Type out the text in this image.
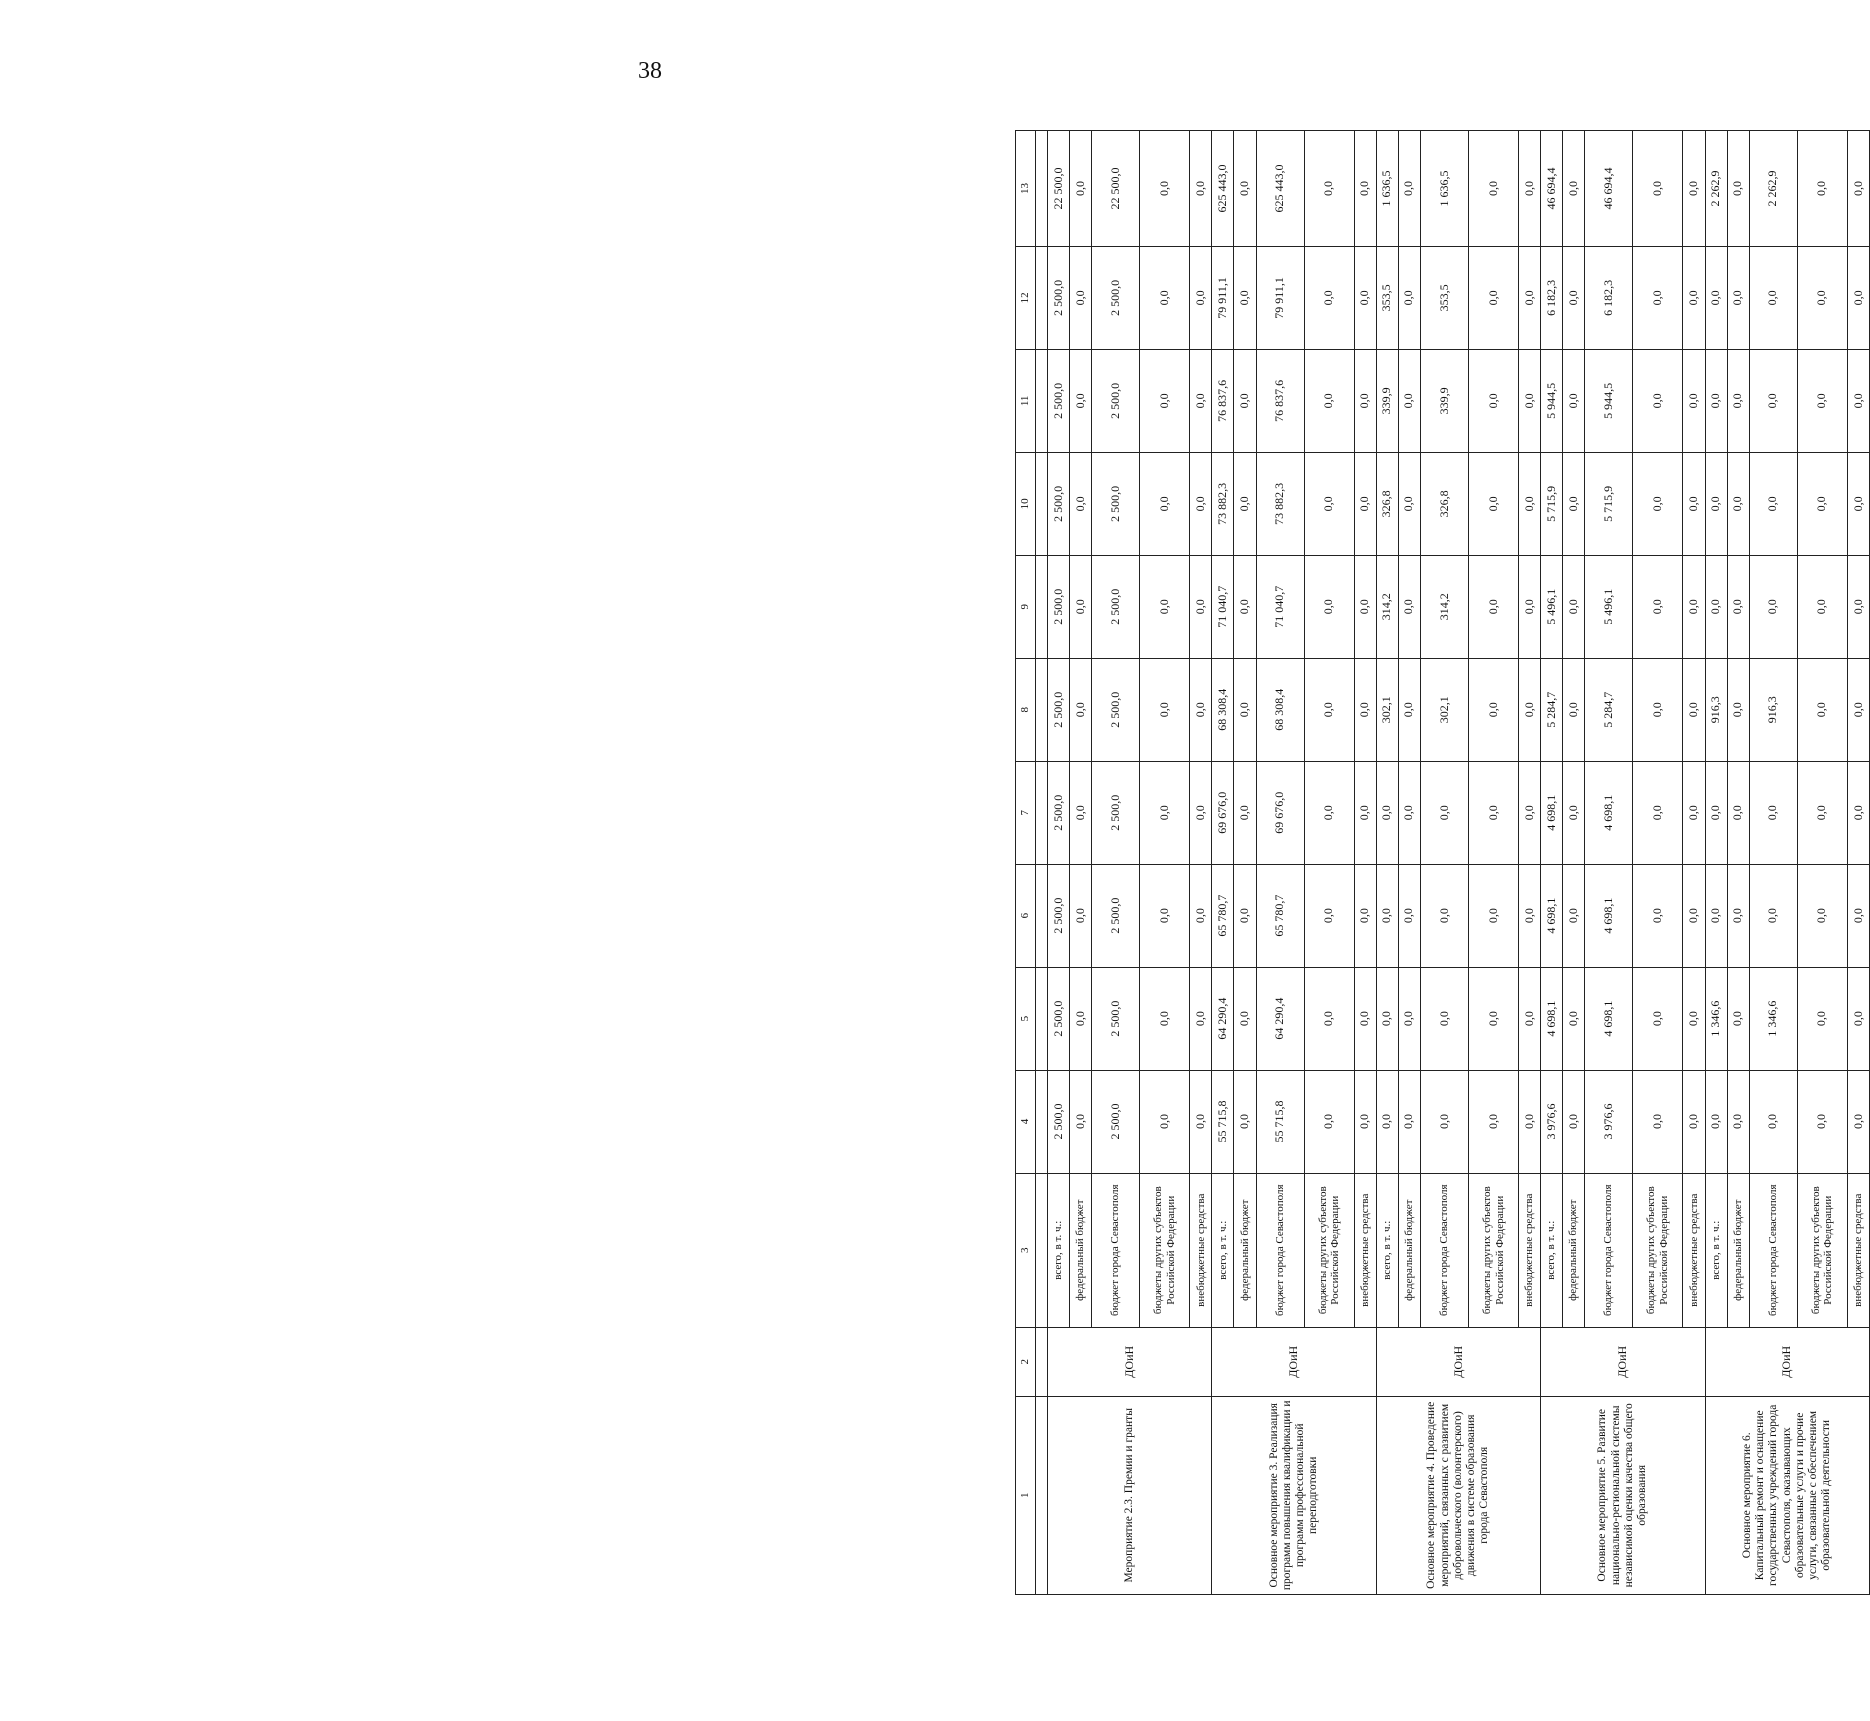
38
1	2	3	4	5	6	7	8	9	10	11	12	13

Мероприятие 2.3. Премии и гранты	ДОиН	всего, в т. ч.:	2 500,0	2 500,0	2 500,0	2 500,0	2 500,0	2 500,0	2 500,0	2 500,0	2 500,0	22 500,0
		федеральный бюджет	0,0	0,0	0,0	0,0	0,0	0,0	0,0	0,0	0,0	0,0
		бюджет города Севастополя	2 500,0	2 500,0	2 500,0	2 500,0	2 500,0	2 500,0	2 500,0	2 500,0	2 500,0	22 500,0
		бюджеты других субъектов Российской Федерации	0,0	0,0	0,0	0,0	0,0	0,0	0,0	0,0	0,0	0,0
		внебюджетные средства	0,0	0,0	0,0	0,0	0,0	0,0	0,0	0,0	0,0	0,0
Основное мероприятие 3. Реализация программ повышения квалификации и программ профессиональной переподготовки	ДОиН	всего, в т. ч.:	55 715,8	64 290,4	65 780,7	69 676,0	68 308,4	71 040,7	73 882,3	76 837,6	79 911,1	625 443,0
		федеральный бюджет	0,0	0,0	0,0	0,0	0,0	0,0	0,0	0,0	0,0	0,0
		бюджет города Севастополя	55 715,8	64 290,4	65 780,7	69 676,0	68 308,4	71 040,7	73 882,3	76 837,6	79 911,1	625 443,0
		бюджеты других субъектов Российской Федерации	0,0	0,0	0,0	0,0	0,0	0,0	0,0	0,0	0,0	0,0
		внебюджетные средства	0,0	0,0	0,0	0,0	0,0	0,0	0,0	0,0	0,0	0,0
Основное мероприятие 4. Проведение мероприятий, связанных с развитием добровольческого (волонтерского) движения в системе образования города Севастополя	ДОиН	всего, в т. ч.:	0,0	0,0	0,0	0,0	302,1	314,2	326,8	339,9	353,5	1 636,5
		федеральный бюджет	0,0	0,0	0,0	0,0	0,0	0,0	0,0	0,0	0,0	0,0
		бюджет города Севастополя	0,0	0,0	0,0	0,0	302,1	314,2	326,8	339,9	353,5	1 636,5
		бюджеты других субъектов Российской Федерации	0,0	0,0	0,0	0,0	0,0	0,0	0,0	0,0	0,0	0,0
		внебюджетные средства	0,0	0,0	0,0	0,0	0,0	0,0	0,0	0,0	0,0	0,0
Основное мероприятие 5. Развитие национально-региональной системы независимой оценки качества общего образования	ДОиН	всего, в т. ч.:	3 976,6	4 698,1	4 698,1	4 698,1	5 284,7	5 496,1	5 715,9	5 944,5	6 182,3	46 694,4
		федеральный бюджет	0,0	0,0	0,0	0,0	0,0	0,0	0,0	0,0	0,0	0,0
		бюджет города Севастополя	3 976,6	4 698,1	4 698,1	4 698,1	5 284,7	5 496,1	5 715,9	5 944,5	6 182,3	46 694,4
		бюджеты других субъектов Российской Федерации	0,0	0,0	0,0	0,0	0,0	0,0	0,0	0,0	0,0	0,0
		внебюджетные средства	0,0	0,0	0,0	0,0	0,0	0,0	0,0	0,0	0,0	0,0
Основное мероприятие 6. Капитальный ремонт и оснащение государственных учреждений города Севастополя, оказывающих образовательные услуги и прочие услуги, связанные с обеспечением образовательной деятельности	ДОиН	всего, в т. ч.:	0,0	1 346,6	0,0	0,0	916,3	0,0	0,0	0,0	0,0	2 262,9
		федеральный бюджет	0,0	0,0	0,0	0,0	0,0	0,0	0,0	0,0	0,0	0,0
		бюджет города Севастополя	0,0	1 346,6	0,0	0,0	916,3	0,0	0,0	0,0	0,0	2 262,9
		бюджеты других субъектов Российской Федерации	0,0	0,0	0,0	0,0	0,0	0,0	0,0	0,0	0,0	0,0
		внебюджетные средства	0,0	0,0	0,0	0,0	0,0	0,0	0,0	0,0	0,0	0,0
